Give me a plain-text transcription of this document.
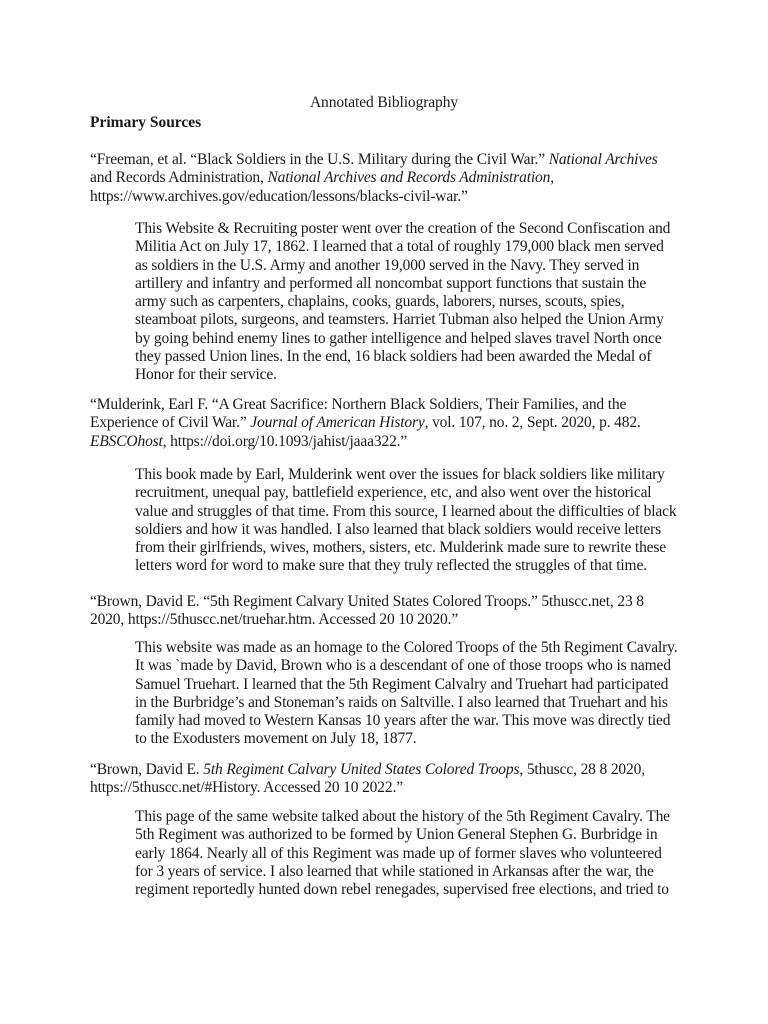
Annotated Bibliography
Primary Sources

“Freeman, et al. “Black Soldiers in the U.S. Military during the Civil War.” National Archives
and Records Administration, National Archives and Records Administration,
https://www.archives.gov/education/lessons/blacks-civil-war.”

This Website & Recruiting poster went over the creation of the Second Confiscation and
Militia Act on July 17, 1862. I learned that a total of roughly 179,000 black men served
as soldiers in the U.S. Army and another 19,000 served in the Navy. They served in
artillery and infantry and performed all noncombat support functions that sustain the
army such as carpenters, chaplains, cooks, guards, laborers, nurses, scouts, spies,
steamboat pilots, surgeons, and teamsters. Harriet Tubman also helped the Union Army
by going behind enemy lines to gather intelligence and helped slaves travel North once
they passed Union lines. In the end, 16 black soldiers had been awarded the Medal of
Honor for their service.

“Mulderink, Earl F. “A Great Sacrifice: Northern Black Soldiers, Their Families, and the
Experience of Civil War.” Journal of American History, vol. 107, no. 2, Sept. 2020, p. 482.
EBSCOhost, https://doi.org/10.1093/jahist/jaaa322.”

This book made by Earl, Mulderink went over the issues for black soldiers like military
recruitment, unequal pay, battlefield experience, etc, and also went over the historical
value and struggles of that time. From this source, I learned about the difficulties of black
soldiers and how it was handled. I also learned that black soldiers would receive letters
from their girlfriends, wives, mothers, sisters, etc. Mulderink made sure to rewrite these
letters word for word to make sure that they truly reflected the struggles of that time.

“Brown, David E. “5th Regiment Calvary United States Colored Troops.” 5thuscc.net, 23 8
2020, https://5thuscc.net/truehar.htm. Accessed 20 10 2020.”

This website was made as an homage to the Colored Troops of the 5th Regiment Cavalry.
It was `made by David, Brown who is a descendant of one of those troops who is named
Samuel Truehart. I learned that the 5th Regiment Calvalry and Truehart had participated
in the Burbridge’s and Stoneman’s raids on Saltville. I also learned that Truehart and his
family had moved to Western Kansas 10 years after the war. This move was directly tied
to the Exodusters movement on July 18, 1877.

“Brown, David E. 5th Regiment Calvary United States Colored Troops, 5thuscc, 28 8 2020,
https://5thuscc.net/#History. Accessed 20 10 2022.”

This page of the same website talked about the history of the 5th Regiment Cavalry. The
5th Regiment was authorized to be formed by Union General Stephen G. Burbridge in
early 1864. Nearly all of this Regiment was made up of former slaves who volunteered
for 3 years of service. I also learned that while stationed in Arkansas after the war, the
regiment reportedly hunted down rebel renegades, supervised free elections, and tried to
